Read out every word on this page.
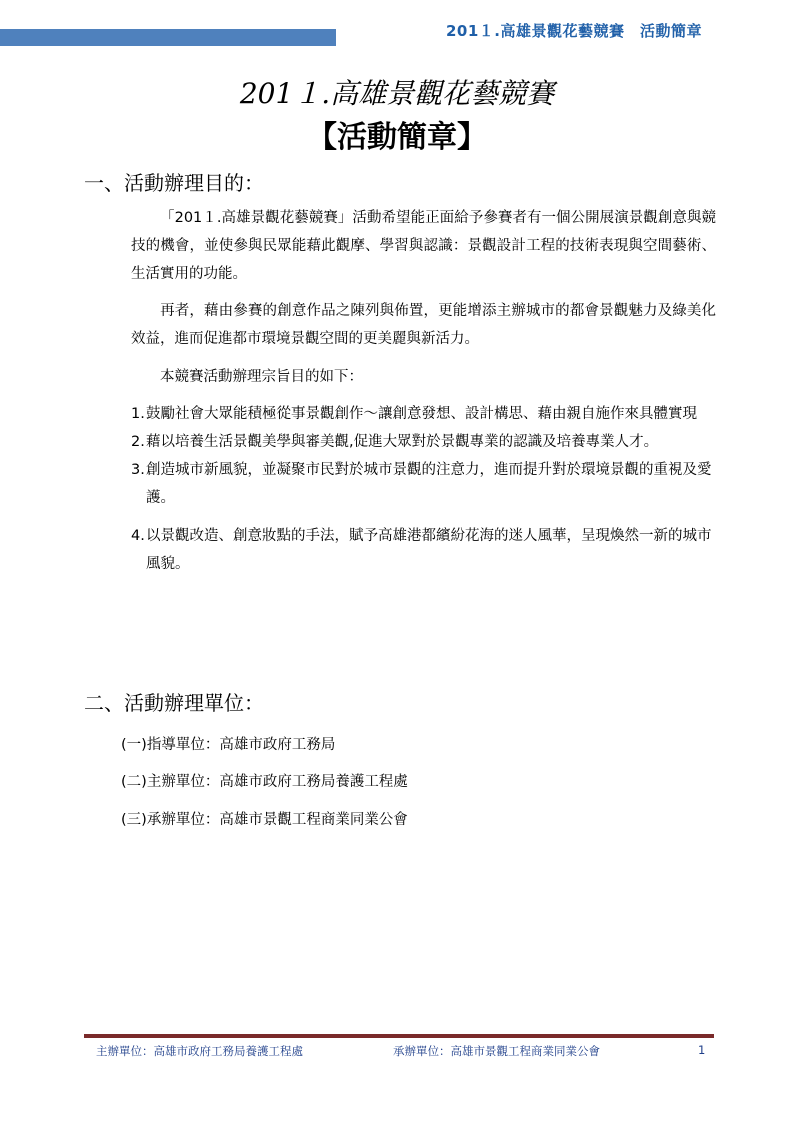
201１.高雄景觀花藝競賽　活動簡章
201１.高雄景觀花藝競賽
【活動簡章】
一、活動辦理目的：
「201１.高雄景觀花藝競賽」活動希望能正面給予參賽者有一個公開展演景觀創意與競技的機會，並使參與民眾能藉此觀摩、學習與認識：景觀設計工程的技術表現與空間藝術、生活實用的功能。
再者，藉由參賽的創意作品之陳列與佈置，更能增添主辦城市的都會景觀魅力及綠美化效益，進而促進都市環境景觀空間的更美麗與新活力。
本競賽活動辦理宗旨目的如下：
1. 鼓勵社會大眾能積極從事景觀創作～讓創意發想、設計構思、藉由親自施作來具體實現
2. 藉以培養生活景觀美學與審美觀,促進大眾對於景觀專業的認識及培養專業人才。
3. 創造城市新風貌，並凝聚市民對於城市景觀的注意力，進而提升對於環境景觀的重視及愛護。
4. 以景觀改造、創意妝點的手法，賦予高雄港都繽紛花海的迷人風華，呈現煥然一新的城市風貌。
二、活動辦理單位：
(一)指導單位：高雄市政府工務局
(二)主辦單位：高雄市政府工務局養護工程處
(三)承辦單位：高雄市景觀工程商業同業公會
主辦單位：高雄市政府工務局養護工程處	承辦單位：高雄市景觀工程商業同業公會	1
